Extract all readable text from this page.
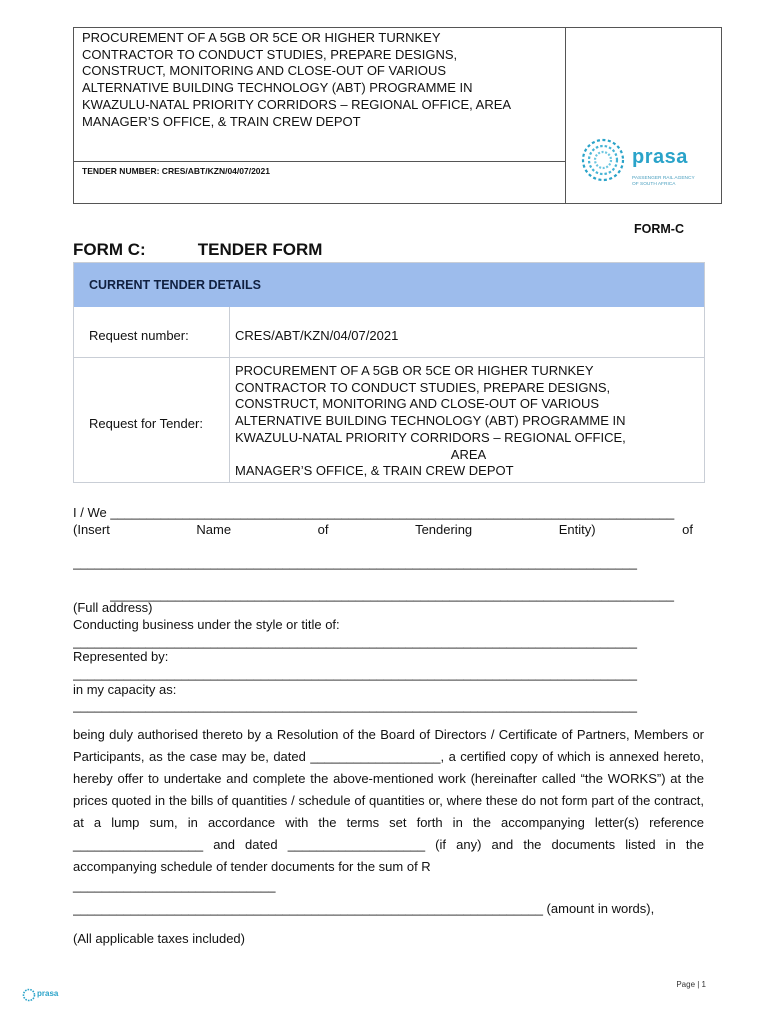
PROCUREMENT OF A 5GB OR 5CE OR HIGHER TURNKEY
CONTRACTOR TO CONDUCT STUDIES, PREPARE DESIGNS,
CONSTRUCT, MONITORING AND CLOSE-OUT OF VARIOUS
ALTERNATIVE BUILDING TECHNOLOGY (ABT) PROGRAMME IN
KWAZULU-NATAL PRIORITY CORRIDORS – REGIONAL OFFICE, AREA
MANAGER’S OFFICE, & TRAIN CREW DEPOT
TENDER NUMBER: CRES/ABT/KZN/04/07/2021
prasa
PASSENGER RAIL AGENCY OF SOUTH AFRICA
FORM-C
FORM C:	TENDER FORM
CURRENT TENDER DETAILS
Request number:	CRES/ABT/KZN/04/07/2021
Request for Tender:
PROCUREMENT OF A 5GB OR 5CE OR HIGHER TURNKEY
CONTRACTOR TO CONDUCT STUDIES, PREPARE DESIGNS,
CONSTRUCT, MONITORING AND CLOSE-OUT OF VARIOUS
ALTERNATIVE BUILDING TECHNOLOGY (ABT) PROGRAMME IN
KWAZULU-NATAL PRIORITY CORRIDORS – REGIONAL OFFICE,
AREA
MANAGER’S OFFICE, & TRAIN CREW DEPOT
I / We ______________________________________________________________________________
(Insert	Name	of	Tendering	Entity)	of
______________________________________________________________________________
______________________________________________________________________________
(Full address)
Conducting business under the style or title of:
______________________________________________________________________________
Represented by:
______________________________________________________________________________
in my capacity as:
______________________________________________________________________________
being duly authorised thereto by a Resolution of the Board of Directors / Certificate of Partners, Members or Participants, as the case may be, dated __________________, a certified copy of which is annexed hereto, hereby offer to undertake and complete the above-mentioned work (hereinafter called “the WORKS”) at the prices quoted in the bills of quantities / schedule of quantities or, where these do not form part of the contract, at a lump sum, in accordance with the terms set forth in the accompanying letter(s) reference __________________ and dated ___________________ (if any) and the documents listed in the accompanying schedule of tender documents for the sum of R
____________________________
_________________________________________________________________ (amount in words),
(All applicable taxes included)
Page | 1
prasa
